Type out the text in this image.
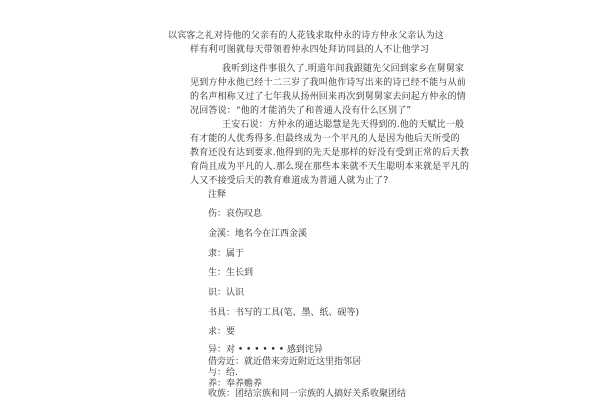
以宾客之礼对待他的父亲有的人花钱求取仲永的诗方仲永父亲认为这
样有利可图就每天带领着仲永四处拜访同县的人不让他学习
我听到这件事很久了.明道年间我跟随先父回到家乡在舅舅家
见到方仲永他已经十二三岁了我叫他作诗写出来的诗已经不能与从前
的名声相称又过了七年我从扬州回来再次到舅舅家去问起方仲永的情
况回答说：“他的才能消失了和普通人没有什么区别了”
王安石说：方仲永的通达聪慧是先天得到的.他的天赋比一般
有才能的人优秀得多.但最终成为一个平凡的人是因为他后天所受的
教育还没有达到要求.他得到的先天是那样的好没有受到正常的后天教
育尚且成为平凡的人.那么现在那些本来就不天生聪明本来就是平凡的
人又不接受后天的教育难道成为普通人就为止了?
注释
伤：哀伤叹息
金溪：地名今在江西金溪
隶：属于
生：生长到
识：认识
书具：书写的工具(笔、墨、纸、砚等)
求：要
异：对 • • • • • • 感到诧异
借旁近：就近借来旁近附近这里指邻居
与：给.
养：奉养赡养
收族：团结宗族和同一宗族的人搞好关系收聚团结
